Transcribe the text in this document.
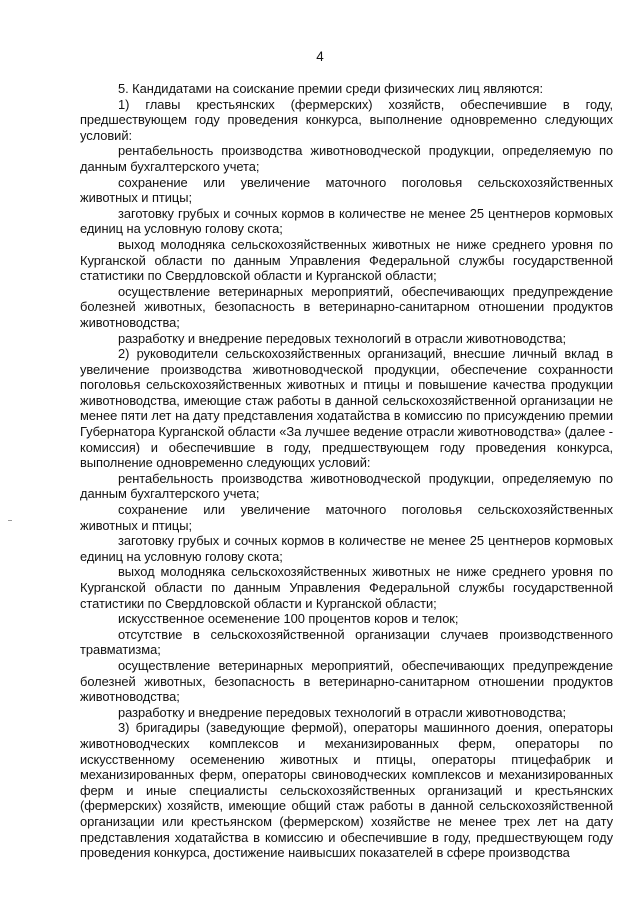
4

5. Кандидатами на соискание премии среди физических лиц являются:

1) главы крестьянских (фермерских) хозяйств, обеспечившие в году, предшествующем году проведения конкурса, выполнение одновременно следующих условий:

рентабельность производства животноводческой продукции, определяемую по данным бухгалтерского учета;

сохранение или увеличение маточного поголовья сельскохозяйственных животных и птицы;

заготовку грубых и сочных кормов в количестве не менее 25 центнеров кормовых единиц на условную голову скота;

выход молодняка сельскохозяйственных животных не ниже среднего уровня по Курганской области по данным Управления Федеральной службы государственной статистики по Свердловской области и Курганской области;

осуществление ветеринарных мероприятий, обеспечивающих предупреждение болезней животных, безопасность в ветеринарно-санитарном отношении продуктов животноводства;

разработку и внедрение передовых технологий в отрасли животноводства;

2) руководители сельскохозяйственных организаций, внесшие личный вклад в увеличение производства животноводческой продукции, обеспечение сохранности поголовья сельскохозяйственных животных и птицы и повышение качества продукции животноводства, имеющие стаж работы в данной сельскохозяйственной организации не менее пяти лет на дату представления ходатайства в комиссию по присуждению премии Губернатора Курганской области «За лучшее ведение отрасли животноводства» (далее - комиссия) и обеспечившие в году, предшествующем году проведения конкурса, выполнение одновременно следующих условий:

рентабельность производства животноводческой продукции, определяемую по данным бухгалтерского учета;

сохранение или увеличение маточного поголовья сельскохозяйственных животных и птицы;

заготовку грубых и сочных кормов в количестве не менее 25 центнеров кормовых единиц на условную голову скота;

выход молодняка сельскохозяйственных животных не ниже среднего уровня по Курганской области по данным Управления Федеральной службы государственной статистики по Свердловской области и Курганской области;

искусственное осеменение 100 процентов коров и телок;

отсутствие в сельскохозяйственной организации случаев производственного травматизма;

осуществление ветеринарных мероприятий, обеспечивающих предупреждение болезней животных, безопасность в ветеринарно-санитарном отношении продуктов животноводства;

разработку и внедрение передовых технологий в отрасли животноводства;

3) бригадиры (заведующие фермой), операторы машинного доения, операторы животноводческих комплексов и механизированных ферм, операторы по искусственному осеменению животных и птицы, операторы птицефабрик и механизированных ферм, операторы свиноводческих комплексов и механизированных ферм и иные специалисты сельскохозяйственных организаций и крестьянских (фермерских) хозяйств, имеющие общий стаж работы в данной сельскохозяйственной организации или крестьянском (фермерском) хозяйстве не менее трех лет на дату представления ходатайства в комиссию и обеспечившие в году, предшествующем году проведения конкурса, достижение наивысших показателей в сфере производства
